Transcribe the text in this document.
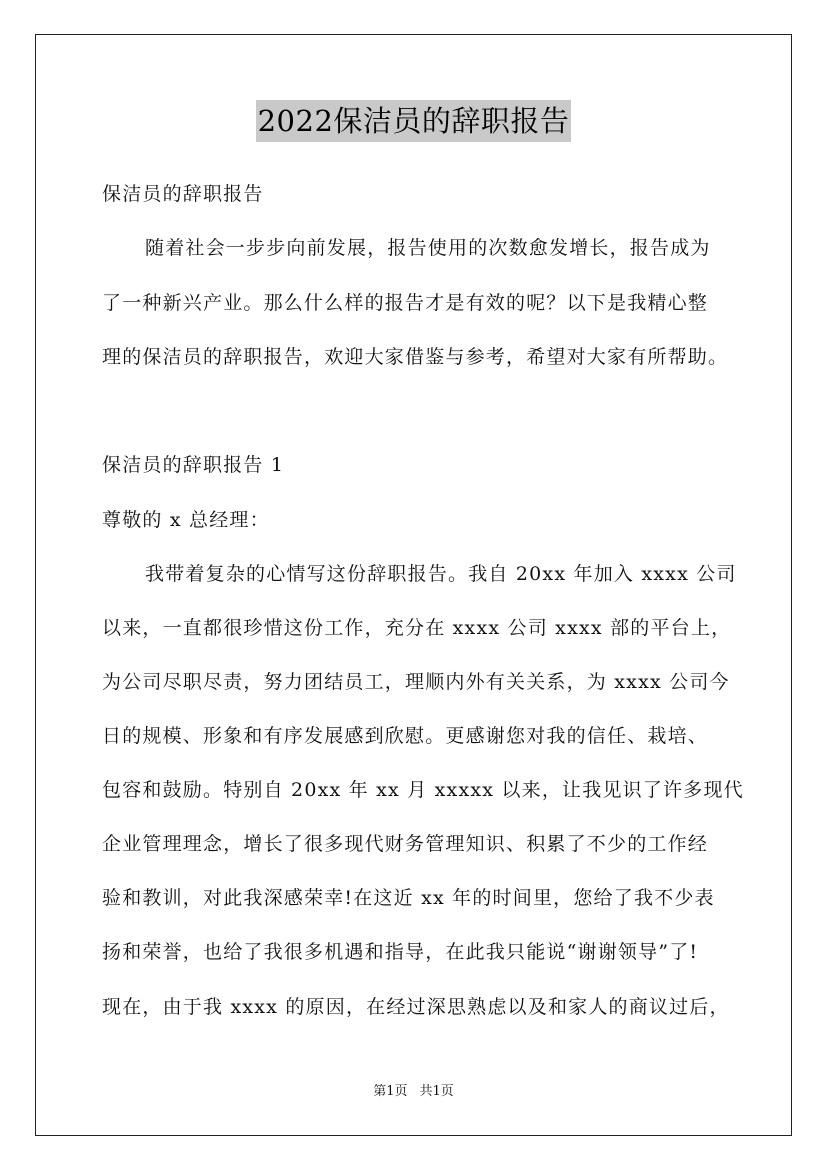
2022保洁员的辞职报告
保洁员的辞职报告
随着社会一步步向前发展，报告使用的次数愈发增长，报告成为
了一种新兴产业。那么什么样的报告才是有效的呢？以下是我精心整
理的保洁员的辞职报告，欢迎大家借鉴与参考，希望对大家有所帮助。
保洁员的辞职报告 1
尊敬的 x 总经理：
我带着复杂的心情写这份辞职报告。我自 20xx 年加入 xxxx 公司
以来，一直都很珍惜这份工作，充分在 xxxx 公司 xxxx 部的平台上，
为公司尽职尽责，努力团结员工，理顺内外有关关系，为 xxxx 公司今
日的规模、形象和有序发展感到欣慰。更感谢您对我的信任、栽培、
包容和鼓励。特别自 20xx 年 xx 月 xxxxx 以来，让我见识了许多现代
企业管理理念，增长了很多现代财务管理知识、积累了不少的工作经
验和教训，对此我深感荣幸!在这近 xx 年的时间里，您给了我不少表
扬和荣誉，也给了我很多机遇和指导，在此我只能说“谢谢领导”了!
现在，由于我 xxxx 的原因，在经过深思熟虑以及和家人的商议过后，
第1页 共1页
